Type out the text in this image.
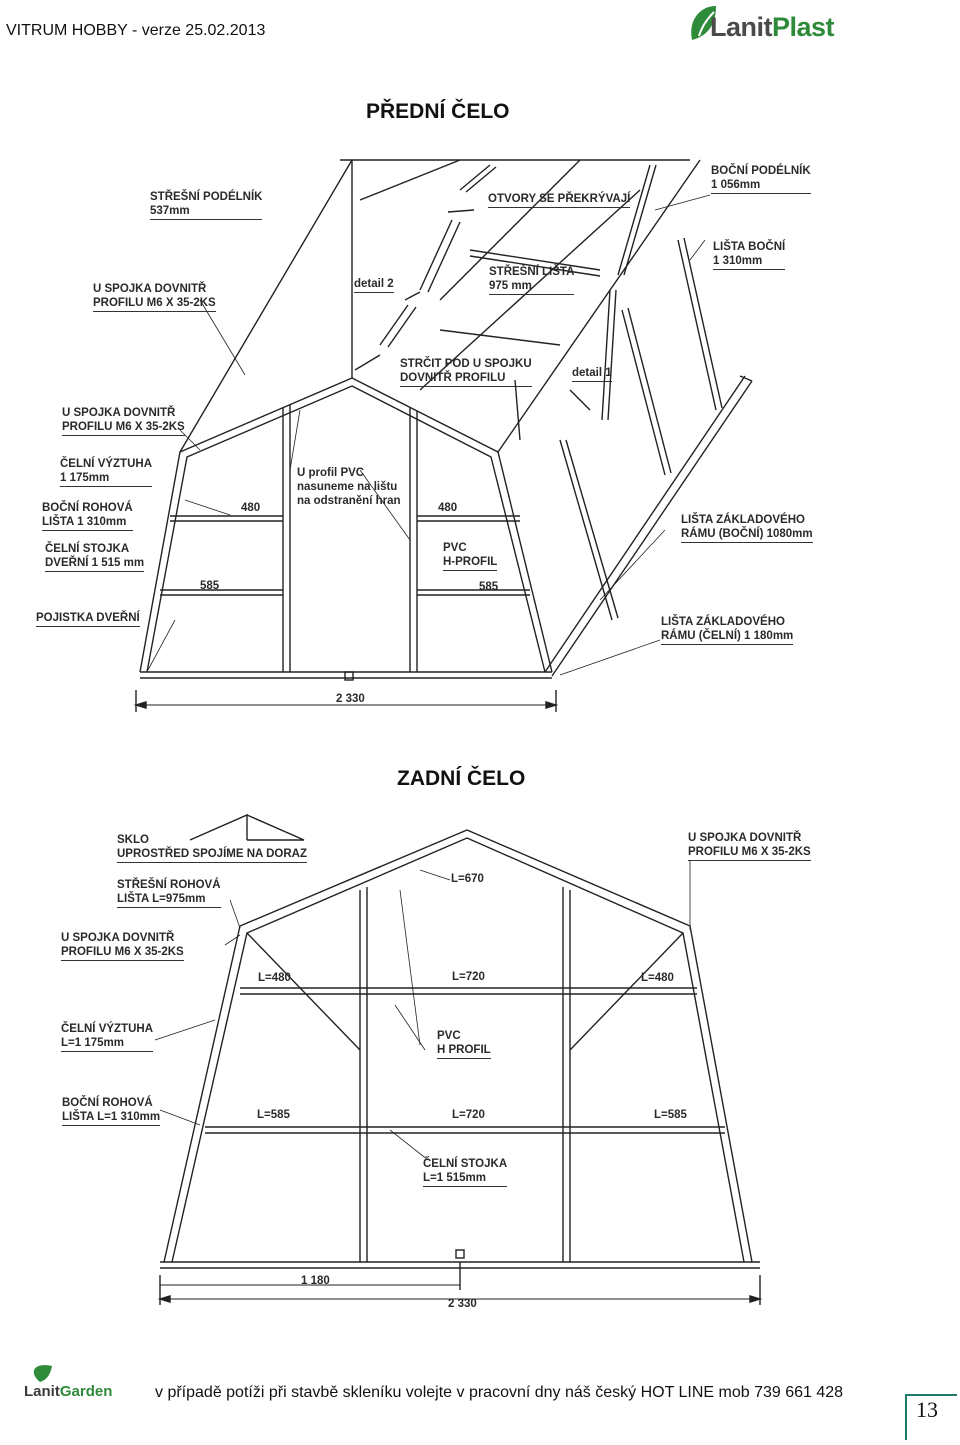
VITRUM HOBBY - verze 25.02.2013	LanitPlast
PŘEDNÍ ČELO
ZADNÍ ČELO
STŘEŠNÍ PODÉLNÍK
537mm
OTVORY SE PŘEKRÝVAJÍ
BOČNÍ PODÉLNÍK
1 056mm
LIŠTA BOČNÍ
1 310mm
U SPOJKA DOVNITŘ
PROFILU M6 X 35-2KS
detail 2
STŘEŠNÍ LIŠTA
975 mm
STRČIT POD U SPOJKU
DOVNITŘ PROFILU	detail 1
U SPOJKA DOVNITŘ
PROFILU M6 X 35-2KS
ČELNÍ VÝZTUHA
1 175mm	U profil PVC
nasuneme na lištu
na odstranění hran
BOČNÍ ROHOVÁ
LIŠTA 1 310mm
480	480
LIŠTA ZÁKLADOVÉHO
RÁMU (BOČNÍ) 1080mm
ČELNÍ STOJKA
DVEŘNÍ 1 515 mm
PVC
H-PROFIL
585	585
POJISTKA DVEŘNÍ	LIŠTA ZÁKLADOVÉHO
RÁMU (ČELNÍ) 1 180mm
2 330
SKLO
UPROSTŘED SPOJÍME NA DORAZ
U SPOJKA DOVNITŘ
PROFILU M6 X 35-2KS
STŘEŠNÍ ROHOVÁ
LIŠTA L=975mm
L=670
U SPOJKA DOVNITŘ
PROFILU M6 X 35-2KS
L=480	L=720	L=480
ČELNÍ VÝZTUHA
L=1 175mm
PVC
H PROFIL
BOČNÍ ROHOVÁ
LIŠTA L=1 310mm	L=585	L=720	L=585
ČELNÍ STOJKA
L=1 515mm
1 180
2 330
LanitGarden	v případě potíži při stavbě skleníku volejte v pracovní dny náš český HOT LINE mob 739 661 428
13
